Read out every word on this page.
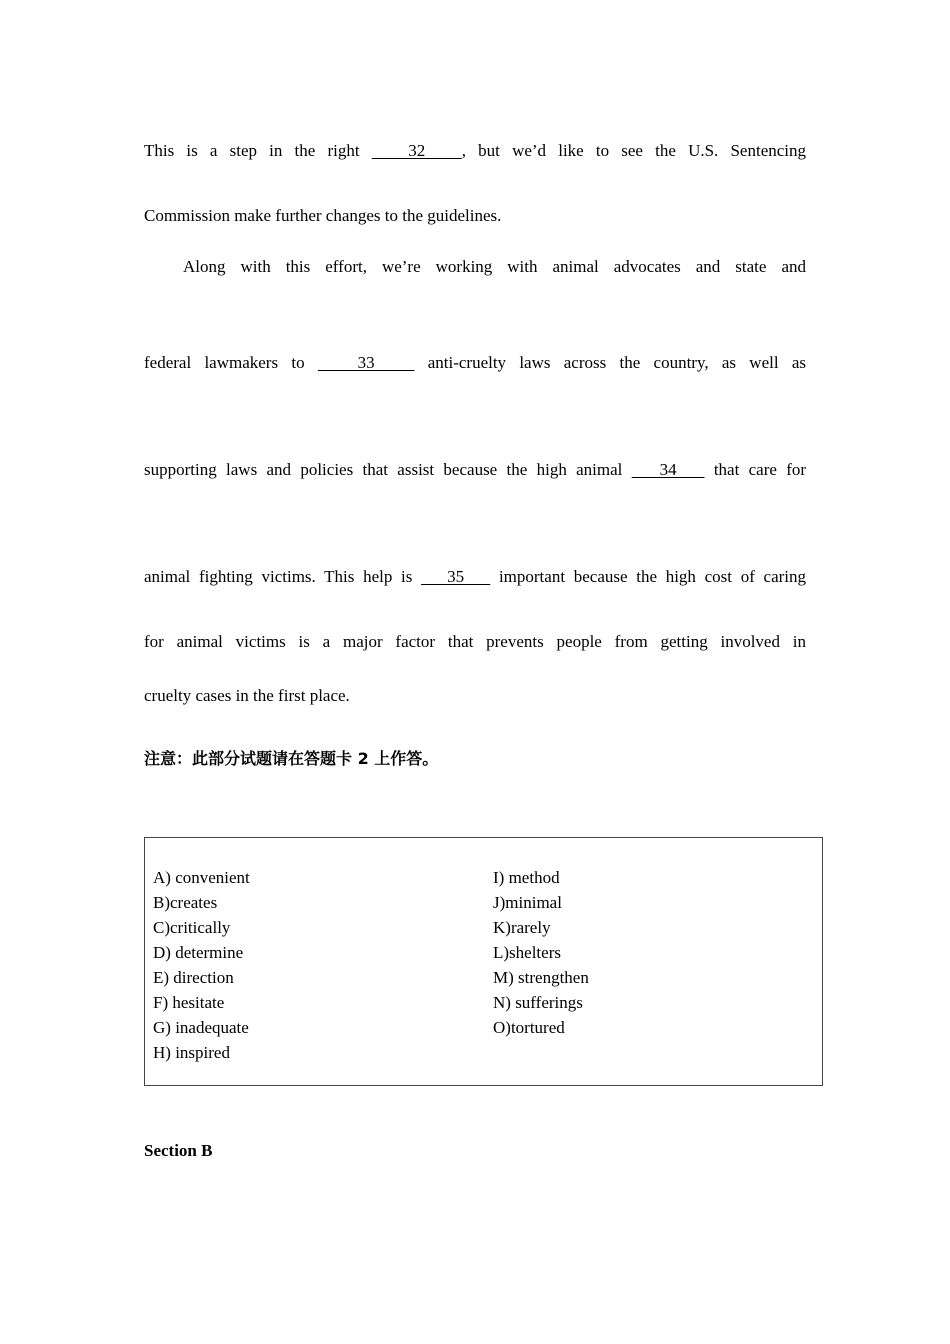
This is a step in the right    32   , but we’d like to see the U.S. Sentencing
Commission make further changes to the guidelines.
Along with this effort, we’re working with animal advocates and state and
federal lawmakers to    33    anti-cruelty laws across the country, as well as
supporting laws and policies that assist because the high animal    34    that care for
animal fighting victims. This help is    35    important because the high cost of caring
for animal victims is a major factor that prevents people from getting involved in
cruelty cases in the first place.
注意：此部分试题请在答题卡 2 上作答。
A) convenient
B)creates
C)critically
D) determine
E) direction
F) hesitate
G) inadequate
H) inspired
I) method
J)minimal
K)rarely
L)shelters
M) strengthen
N) sufferings
O)tortured
Section B
